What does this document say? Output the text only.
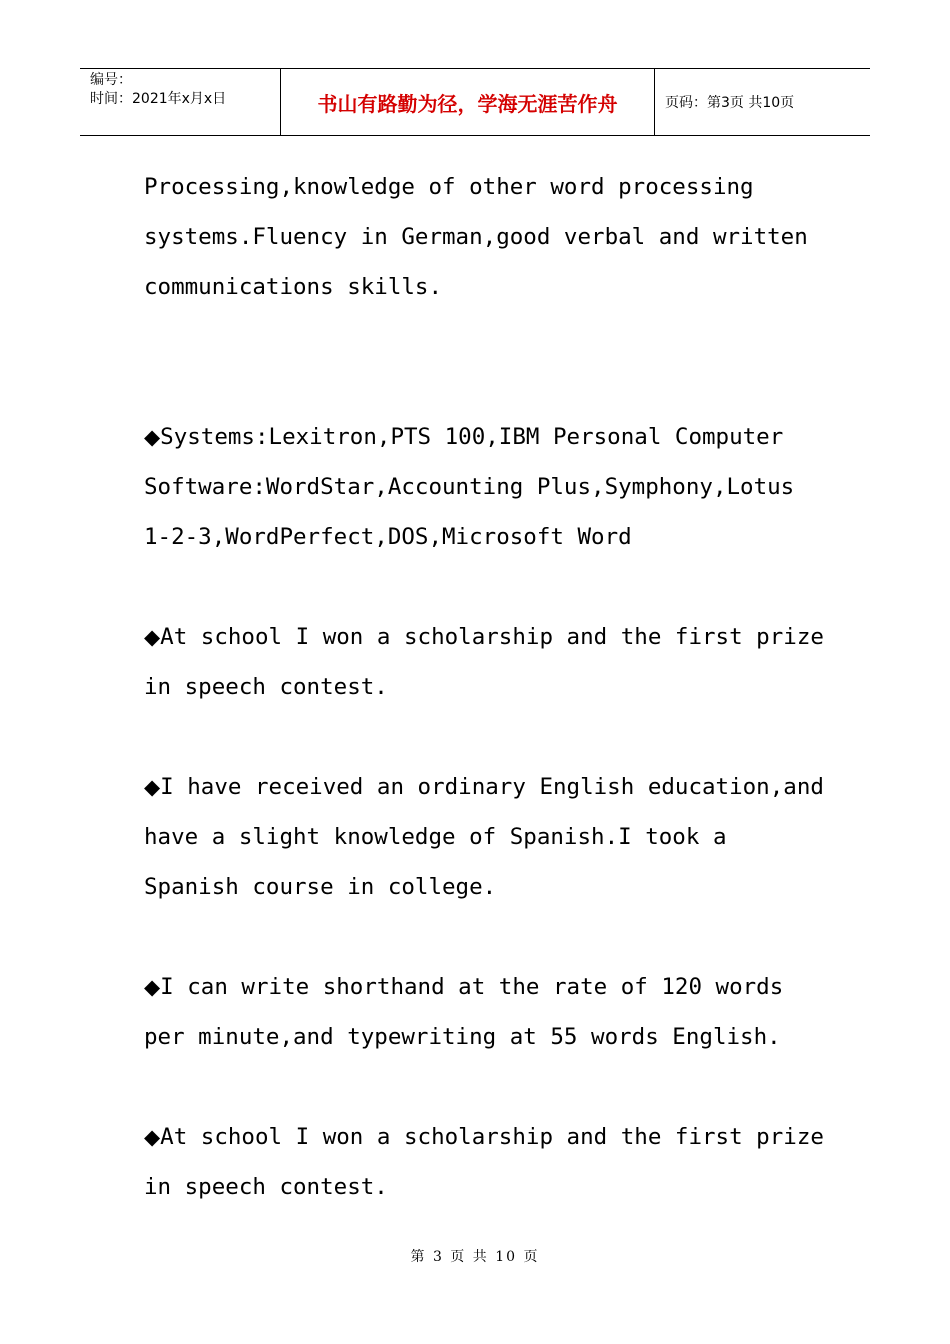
编号：
时间：2021年x月x日	书山有路勤为径，学海无涯苦作舟	页码：第3页 共10页

Processing,knowledge of other word processing systems.Fluency in German,good verbal and written communications skills.

◆Systems:Lexitron,PTS 100,IBM Personal Computer Software:WordStar,Accounting Plus,Symphony,Lotus 1-2-3,WordPerfect,DOS,Microsoft Word

◆At school I won a scholarship and the first prize in speech contest.

◆I have received an ordinary English education,and have a slight knowledge of Spanish.I took a Spanish course in college.

◆I can write shorthand at the rate of 120 words per minute,and typewriting at 55 words English.

◆At school I won a scholarship and the first prize in speech contest.

第 3 页 共 10 页
